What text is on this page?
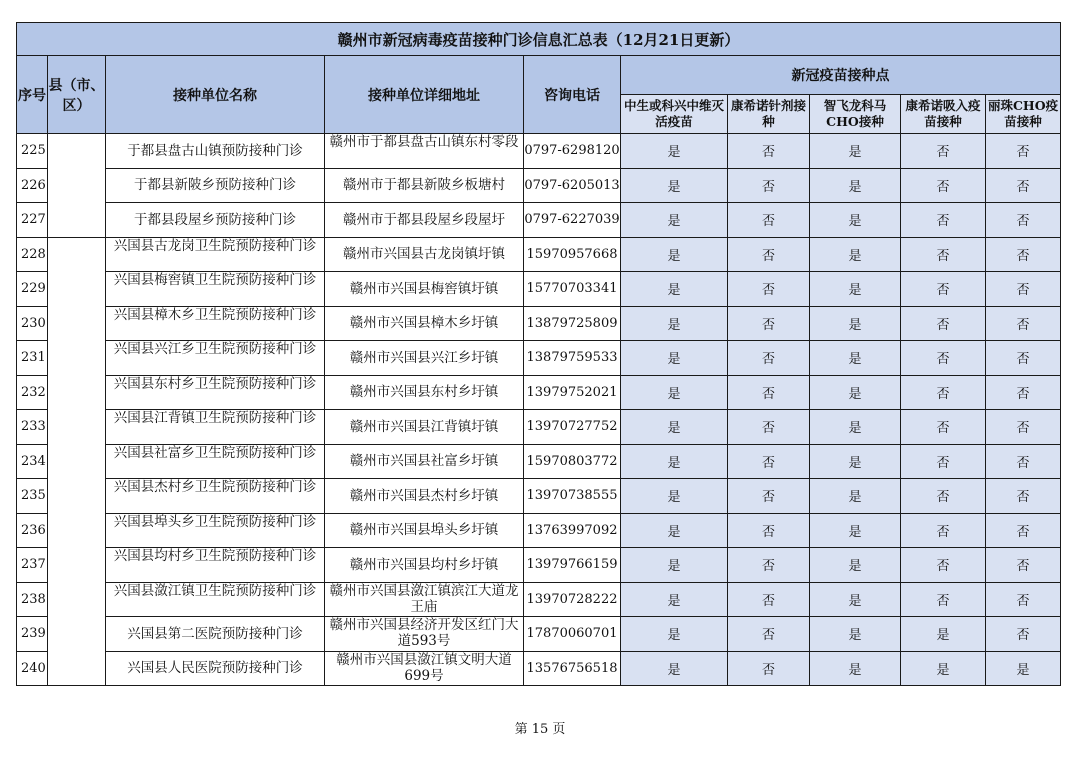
赣州市新冠病毒疫苗接种门诊信息汇总表（12月21日更新）									
序号	县（市、区）	接种单位名称	接种单位详细地址	咨询电话	新冠疫苗接种点				
					中生或科兴中维灭活疫苗	康希诺针剂接种	智飞龙科马CHO接种	康希诺吸入疫苗接种	丽珠CHO疫苗接种
225		于都县盘古山镇预防接种门诊	赣州市于都县盘古山镇东村零段	0797-6298120	是	否	是	否	否
226		于都县新陂乡预防接种门诊	赣州市于都县新陂乡板塘村	0797-6205013	是	否	是	否	否
227		于都县段屋乡预防接种门诊	赣州市于都县段屋乡段屋圩	0797-6227039	是	否	是	否	否
228		兴国县古龙岗卫生院预防接种门诊	赣州市兴国县古龙岗镇圩镇	15970957668	是	否	是	否	否
229		兴国县梅窖镇卫生院预防接种门诊	赣州市兴国县梅窖镇圩镇	15770703341	是	否	是	否	否
230		兴国县樟木乡卫生院预防接种门诊	赣州市兴国县樟木乡圩镇	13879725809	是	否	是	否	否
231		兴国县兴江乡卫生院预防接种门诊	赣州市兴国县兴江乡圩镇	13879759533	是	否	是	否	否
232		兴国县东村乡卫生院预防接种门诊	赣州市兴国县东村乡圩镇	13979752021	是	否	是	否	否
233		兴国县江背镇卫生院预防接种门诊	赣州市兴国县江背镇圩镇	13970727752	是	否	是	否	否
234		兴国县社富乡卫生院预防接种门诊	赣州市兴国县社富乡圩镇	15970803772	是	否	是	否	否
235		兴国县杰村乡卫生院预防接种门诊	赣州市兴国县杰村乡圩镇	13970738555	是	否	是	否	否
236		兴国县埠头乡卫生院预防接种门诊	赣州市兴国县埠头乡圩镇	13763997092	是	否	是	否	否
237		兴国县均村乡卫生院预防接种门诊	赣州市兴国县均村乡圩镇	13979766159	是	否	是	否	否
238		兴国县潋江镇卫生院预防接种门诊	赣州市兴国县潋江镇滨江大道龙王庙	13970728222	是	否	是	否	否
239		兴国县第二医院预防接种门诊	赣州市兴国县经济开发区红门大道593号	17870060701	是	否	是	是	否
240		兴国县人民医院预防接种门诊	赣州市兴国县潋江镇文明大道699号	13576756518	是	否	是	是	是
第 15 页
